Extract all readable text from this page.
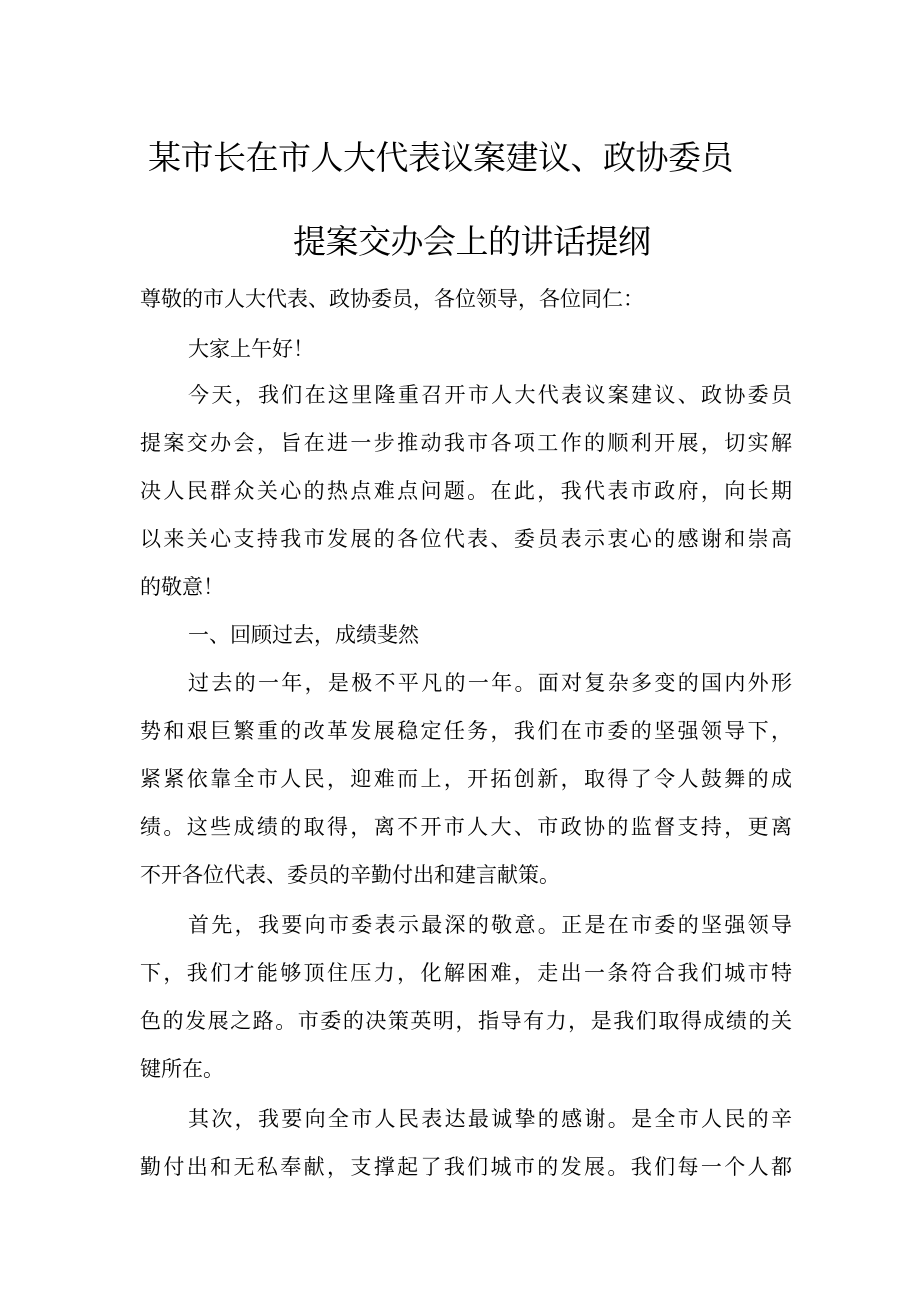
某市长在市人大代表议案建议、政协委员
提案交办会上的讲话提纲
尊敬的市人大代表、政协委员，各位领导，各位同仁：
大家上午好！
今天，我们在这里隆重召开市人大代表议案建议、政协委员
提案交办会，旨在进一步推动我市各项工作的顺利开展，切实解
决人民群众关心的热点难点问题。在此，我代表市政府，向长期
以来关心支持我市发展的各位代表、委员表示衷心的感谢和崇高
的敬意！
一、回顾过去，成绩斐然
过去的一年，是极不平凡的一年。面对复杂多变的国内外形
势和艰巨繁重的改革发展稳定任务，我们在市委的坚强领导下，
紧紧依靠全市人民，迎难而上，开拓创新，取得了令人鼓舞的成
绩。这些成绩的取得，离不开市人大、市政协的监督支持，更离
不开各位代表、委员的辛勤付出和建言献策。
首先，我要向市委表示最深的敬意。正是在市委的坚强领导
下，我们才能够顶住压力，化解困难，走出一条符合我们城市特
色的发展之路。市委的决策英明，指导有力，是我们取得成绩的关
键所在。
其次，我要向全市人民表达最诚挚的感谢。是全市人民的辛
勤付出和无私奉献，支撑起了我们城市的发展。我们每一个人都
